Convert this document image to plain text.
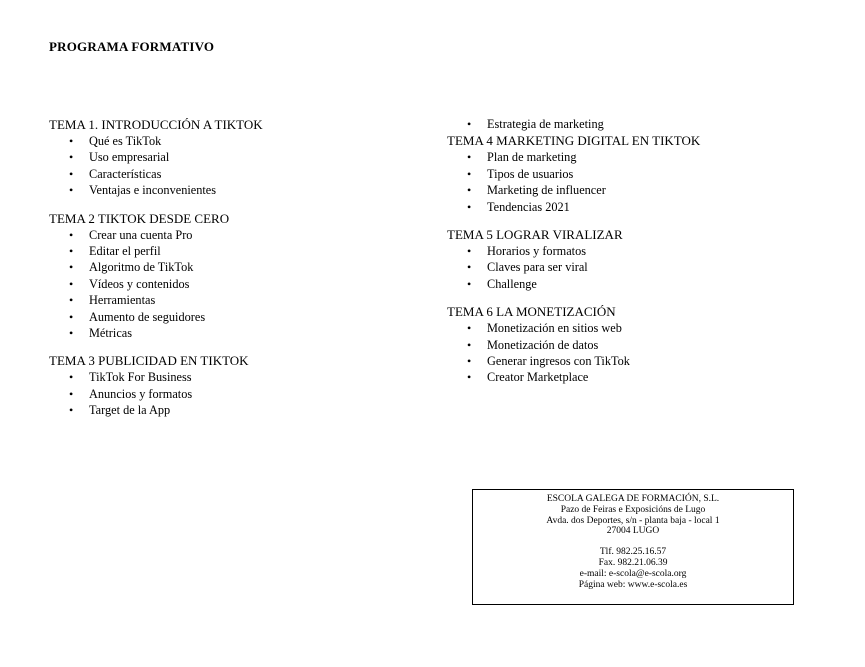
PROGRAMA FORMATIVO
TEMA 1. INTRODUCCIÓN A TIKTOK
• Qué es TikTok
• Uso empresarial
• Características
• Ventajas e inconvenientes
TEMA 2 TIKTOK DESDE CERO
• Crear una cuenta Pro
• Editar el perfil
• Algoritmo de TikTok
• Vídeos y contenidos
• Herramientas
• Aumento de seguidores
• Métricas
TEMA 3 PUBLICIDAD EN TIKTOK
• TikTok For Business
• Anuncios y formatos
• Target de la App
• Estrategia de marketing
TEMA 4 MARKETING DIGITAL EN TIKTOK
• Plan de marketing
• Tipos de usuarios
• Marketing de influencer
• Tendencias 2021
TEMA 5 LOGRAR VIRALIZAR
• Horarios y formatos
• Claves para ser viral
• Challenge
TEMA 6 LA MONETIZACIÓN
• Monetización en sitios web
• Monetización de datos
• Generar ingresos con TikTok
• Creator Marketplace
ESCOLA GALEGA DE FORMACIÓN, S.L.
Pazo de Feiras e Exposicións de Lugo
Avda. dos Deportes, s/n - planta baja - local 1
27004 LUGO
Tlf. 982.25.16.57
Fax. 982.21.06.39
e-mail: e-scola@e-scola.org
Página web: www.e-scola.es
